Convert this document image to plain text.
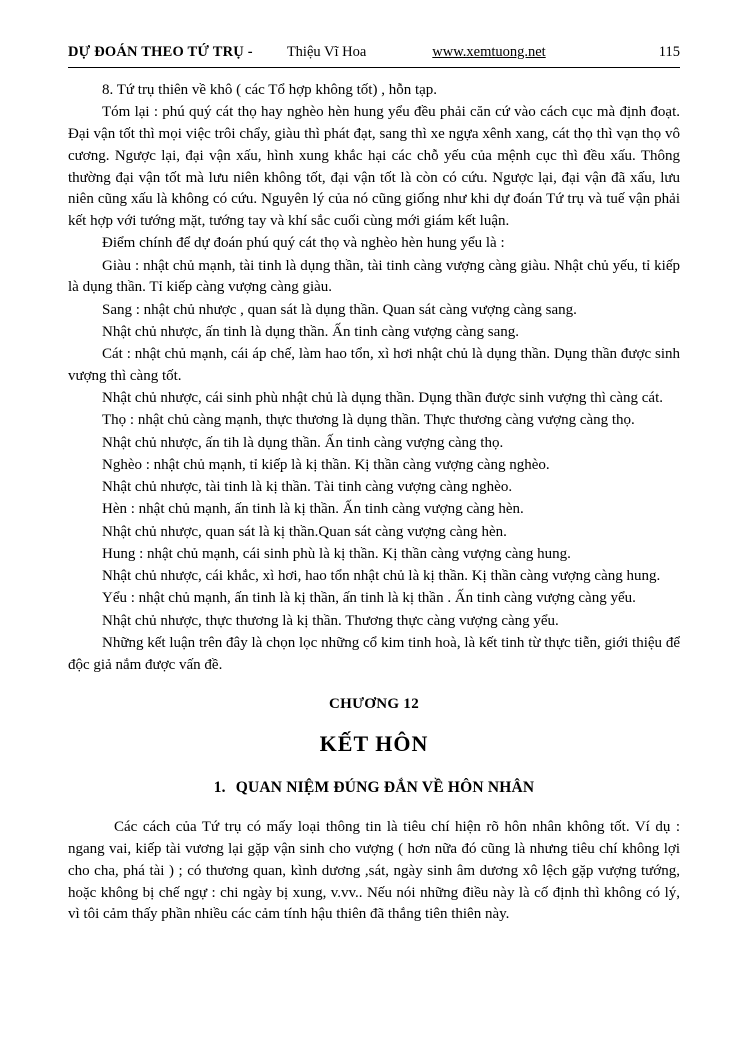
DỰ ĐOÁN THEO TỨ TRỤ - Thiệu Vĩ Hoa	www.xemtuong.net	115

8. Tứ trụ thiên về khô ( các Tổ hợp không tốt) , hỗn tạp.

Tóm lại : phú quý cát thọ hay nghèo hèn hung yểu đều phải căn cứ vào cách cục mà định đoạt. Đại vận tốt thì mọi việc trôi chẩy, giàu thì phát đạt, sang thì xe ngựa xênh xang, cát thọ thì vạn thọ vô cương. Ngược lại, đại vận xấu, hình xung khắc hại các chỗ yếu của mệnh cục thì đều xấu. Thông thường đại vận tốt mà lưu niên không tốt, đại vận tốt là còn có cứu. Ngược lại, đại vận đã xấu, lưu niên cũng xấu là không có cứu. Nguyên lý của nó cũng giống như khi dự đoán Tứ trụ và tuế vận phải kết hợp với tướng mặt, tướng tay và khí sắc cuối cùng mới giám kết luận.

Điểm chính để dự đoán phú quý cát thọ và nghèo hèn hung yểu là :

Giàu : nhật chủ mạnh, tài tinh là dụng thần, tài tinh càng vượng càng giàu. Nhật chủ yếu, tỉ kiếp là dụng thần. Tỉ kiếp càng vượng càng giàu.

Sang : nhật chủ nhược , quan sát là dụng thần. Quan sát càng vượng càng sang.

Nhật chủ nhược, ấn tinh là dụng thần. Ấn tinh càng vượng càng sang.

Cát : nhật chủ mạnh, cái áp chế, làm hao tổn, xì hơi nhật chủ là dụng thần. Dụng thần được sinh vượng thì càng tốt.

Nhật chủ nhược, cái sinh phù nhật chủ là dụng thần. Dụng thần được sinh vượng thì càng cát.

Thọ : nhật chủ càng mạnh, thực thương là dụng thần. Thực thương càng vượng càng thọ.

Nhật chủ nhược, ấn tih là dụng thần. Ấn tinh càng vượng càng thọ.

Nghèo : nhật chủ mạnh, tỉ kiếp là kị thần. Kị thần càng vượng càng nghèo.

Nhật chủ nhược, tài tinh là kị thần. Tài tinh càng vượng càng nghèo.

Hèn : nhật chủ mạnh, ấn tinh là kị thần. Ấn tinh càng vượng càng hèn.

Nhật chủ nhược, quan sát là kị thần.Quan sát càng vượng càng hèn.

Hung : nhật chủ mạnh, cái sinh phù là kị thần. Kị thần càng vượng càng hung.

Nhật chủ nhược, cái khắc, xì hơi, hao tổn nhật chủ là kị thần. Kị thần càng vượng càng hung.

Yểu : nhật chủ mạnh, ấn tinh là kị thần, ấn tinh là kị thần . Ấn tinh càng vượng càng yểu.

Nhật chủ nhược, thực thương là kị thần. Thương thực càng vượng càng yểu.

Những kết luận trên đây là chọn lọc những cổ kim tinh hoà, là kết tinh từ thực tiễn, giới thiệu để độc giả nắm được vấn đề.

CHƯƠNG 12
KẾT HÔN
1. QUAN NIỆM ĐÚNG ĐẮN VỀ HÔN NHÂN

Các cách của Tứ trụ có mấy loại thông tin là tiêu chí hiện rõ hôn nhân không tốt. Ví dụ : ngang vai, kiếp tài vương lại gặp vận sinh cho vượng ( hơn nữa đó cũng là nhưng tiêu chí không lợi cho cha, phá tài ) ; có thương quan, kình dương ,sát, ngày sinh âm dương xô lệch gặp vượng tướng, hoặc không bị chế ngự : chi ngày bị xung, v.vv.. Nếu nói những điều này là cố định thì không có lý, vì tôi cảm thấy phần nhiều các cảm tính hậu thiên đã thắng tiên thiên này.
